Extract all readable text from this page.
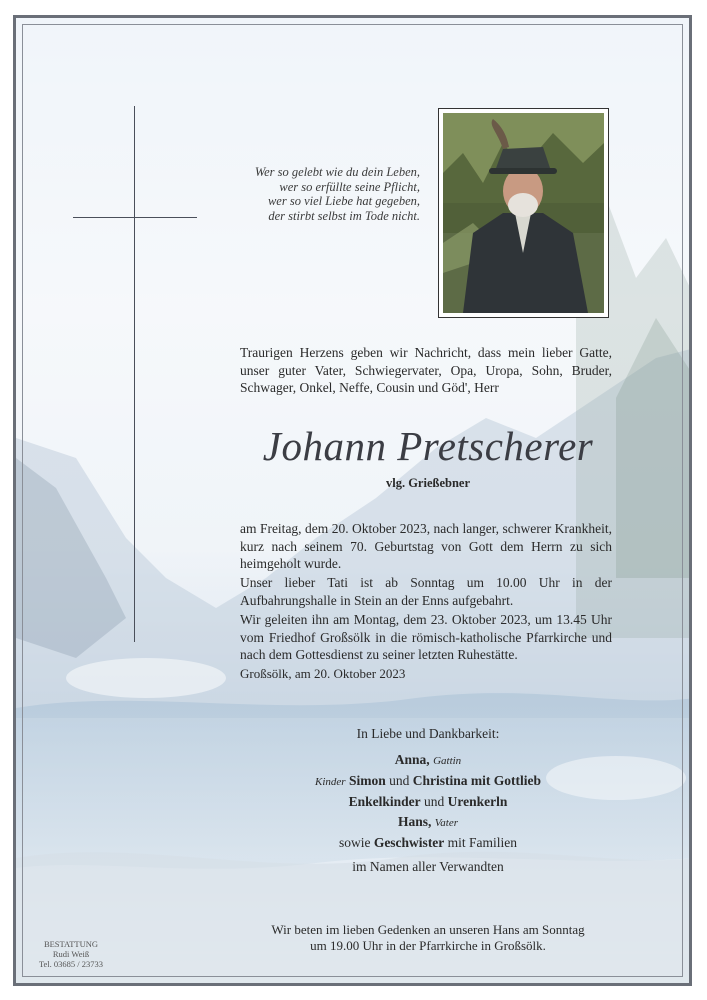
Wer so gelebt wie du dein Leben,
wer so erfüllte seine Pflicht,
wer so viel Liebe hat gegeben,
der stirbt selbst im Tode nicht.
Traurigen Herzens geben wir Nachricht, dass mein lieber Gatte, unser guter Vater, Schwiegervater, Opa, Uropa, Sohn, Bruder, Schwager, Onkel, Neffe, Cousin und Göd', Herr
Johann Pretscherer
vlg. Grießebner
am Freitag, dem 20. Oktober 2023, nach langer, schwerer Krankheit, kurz nach seinem 70. Geburtstag von Gott dem Herrn zu sich heimgeholt wurde.
Unser lieber Tati ist ab Sonntag um 10.00 Uhr in der Aufbahrungshalle in Stein an der Enns aufgebahrt.
Wir geleiten ihn am Montag, dem 23. Oktober 2023, um 13.45 Uhr vom Friedhof Großsölk in die römisch-katholische Pfarrkirche und nach dem Gottesdienst zu seiner letzten Ruhestätte.
Großsölk, am 20. Oktober 2023
In Liebe und Dankbarkeit:
Anna, Gattin
Kinder Simon und Christina mit Gottlieb
Enkelkinder und Urenkerln
Hans, Vater
sowie Geschwister mit Familien
im Namen aller Verwandten
Wir beten im lieben Gedenken an unseren Hans am Sonntag
um 19.00 Uhr in der Pfarrkirche in Großsölk.
BESTATTUNG
Rudi Weiß
Tel. 03685 / 23733
